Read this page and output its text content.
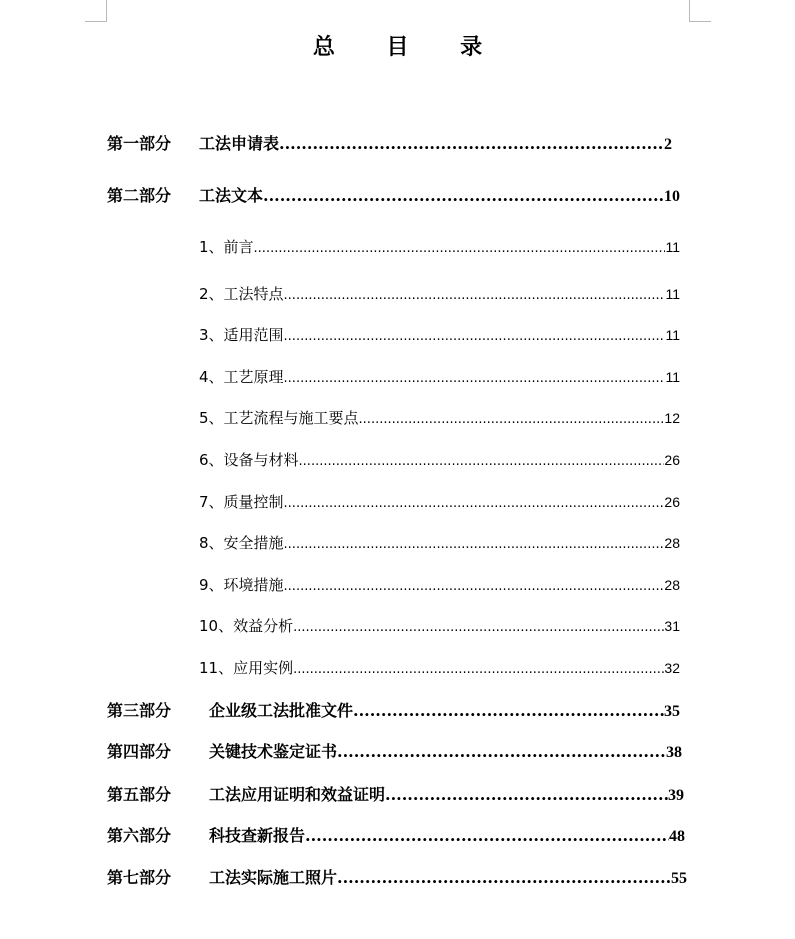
总 目 录
第一部分	工法申请表 .....	2
第二部分	工法文本 .....	10
1、前言 .....	11
2、工法特点 .....	11
3、适用范围 .....	11
4、工艺原理 .....	11
5、工艺流程与施工要点 .....	12
6、设备与材料 .....	26
7、质量控制 .....	26
8、安全措施 .....	28
9、环境措施 .....	28
10、效益分析 .....	31
11、应用实例 .....	32
第三部分	企业级工法批准文件 .....	35
第四部分	关键技术鉴定证书 .....	38
第五部分	工法应用证明和效益证明 .....	39
第六部分	科技查新报告 .....	48
第七部分	工法实际施工照片 .....	55
